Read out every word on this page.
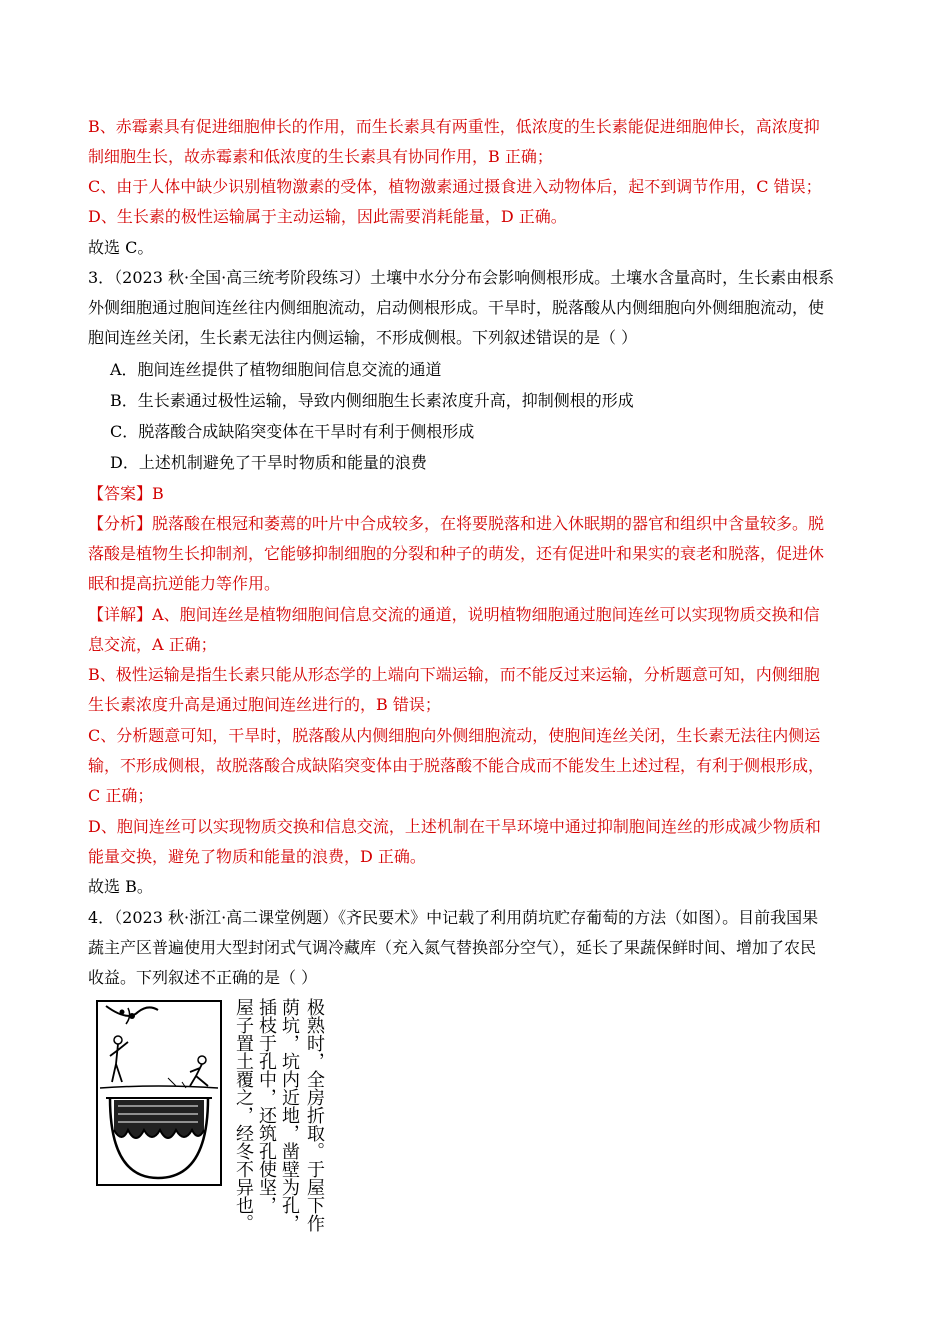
B、赤霉素具有促进细胞伸长的作用，而生长素具有两重性，低浓度的生长素能促进细胞伸长，高浓度抑
制细胞生长，故赤霉素和低浓度的生长素具有协同作用，B 正确；
C、由于人体中缺少识别植物激素的受体，植物激素通过摄食进入动物体后，起不到调节作用，C 错误；
D、生长素的极性运输属于主动运输，因此需要消耗能量，D 正确。
故选 C。
3．（2023 秋·全国·高三统考阶段练习）土壤中水分分布会影响侧根形成。土壤水含量高时，生长素由根系
外侧细胞通过胞间连丝往内侧细胞流动，启动侧根形成。干旱时，脱落酸从内侧细胞向外侧细胞流动，使
胞间连丝关闭，生长素无法往内侧运输，不形成侧根。下列叙述错误的是（ ）
A．胞间连丝提供了植物细胞间信息交流的通道
B．生长素通过极性运输，导致内侧细胞生长素浓度升高，抑制侧根的形成
C．脱落酸合成缺陷突变体在干旱时有利于侧根形成
D．上述机制避免了干旱时物质和能量的浪费
【答案】B
【分析】脱落酸在根冠和萎蔫的叶片中合成较多，在将要脱落和进入休眠期的器官和组织中含量较多。脱
落酸是植物生长抑制剂，它能够抑制细胞的分裂和种子的萌发，还有促进叶和果实的衰老和脱落，促进休
眠和提高抗逆能力等作用。
【详解】A、胞间连丝是植物细胞间信息交流的通道，说明植物细胞通过胞间连丝可以实现物质交换和信
息交流，A 正确；
B、极性运输是指生长素只能从形态学的上端向下端运输，而不能反过来运输，分析题意可知，内侧细胞
生长素浓度升高是通过胞间连丝进行的，B 错误；
C、分析题意可知，干旱时，脱落酸从内侧细胞向外侧细胞流动，使胞间连丝关闭，生长素无法往内侧运
输，不形成侧根，故脱落酸合成缺陷突变体由于脱落酸不能合成而不能发生上述过程，有利于侧根形成，
C 正确；
D、胞间连丝可以实现物质交换和信息交流，上述机制在干旱环境中通过抑制胞间连丝的形成减少物质和
能量交换，避免了物质和能量的浪费，D 正确。
故选 B。
4．（2023 秋·浙江·高二课堂例题）《齐民要术》中记载了利用荫坑贮存葡萄的方法（如图）。目前我国果
蔬主产区普遍使用大型封闭式气调冷藏库（充入氮气替换部分空气），延长了果蔬保鲜时间、增加了农民
收益。下列叙述不正确的是（ ）
极熟时，全房折取。于屋下作
荫坑，坑内近地，凿壁为孔，
插枝于孔中，还筑孔使坚，
屋子置土覆之，经冬不异也。
